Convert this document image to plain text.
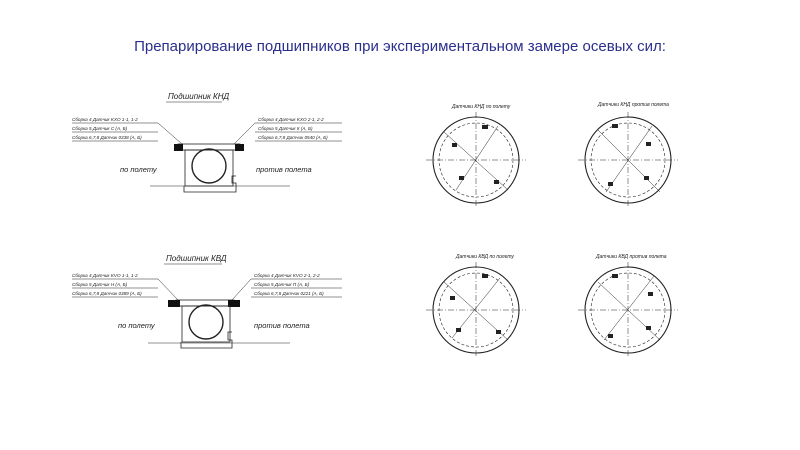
Препарирование подшипников при экспериментальном замере осевых сил:
Подшипник КНД
Сборка 4 Датчик KXO 1-1, 1-2
Сборка 5 Датчик С (А, Б)
Сборка 6,7,8 Датчик 0338 (А, Б)
Сборка 4 Датчик KXO 2-1, 2-2
Сборка 5 Датчик К (А, Б)
Сборка 6,7,8 Датчик 0540 (А, Б)
по полету	против полета
Подшипник КВД
Сборка 4 Датчик KVO 1-1, 1-2
Сборка 5 Датчик Н (А, Б)
Сборка 6,7,8 Датчик 0389 (А, Б)
Сборка 4 Датчик KVO 2-1, 2-2
Сборка 5 Датчик П (А, Б)
Сборка 6,7,8 Датчик 0221 (А, Б)
по полету	против полета
Датчики КНД по полету	Датчики КНД против полета
Датчики КВД по полету	Датчики КВД против полета
